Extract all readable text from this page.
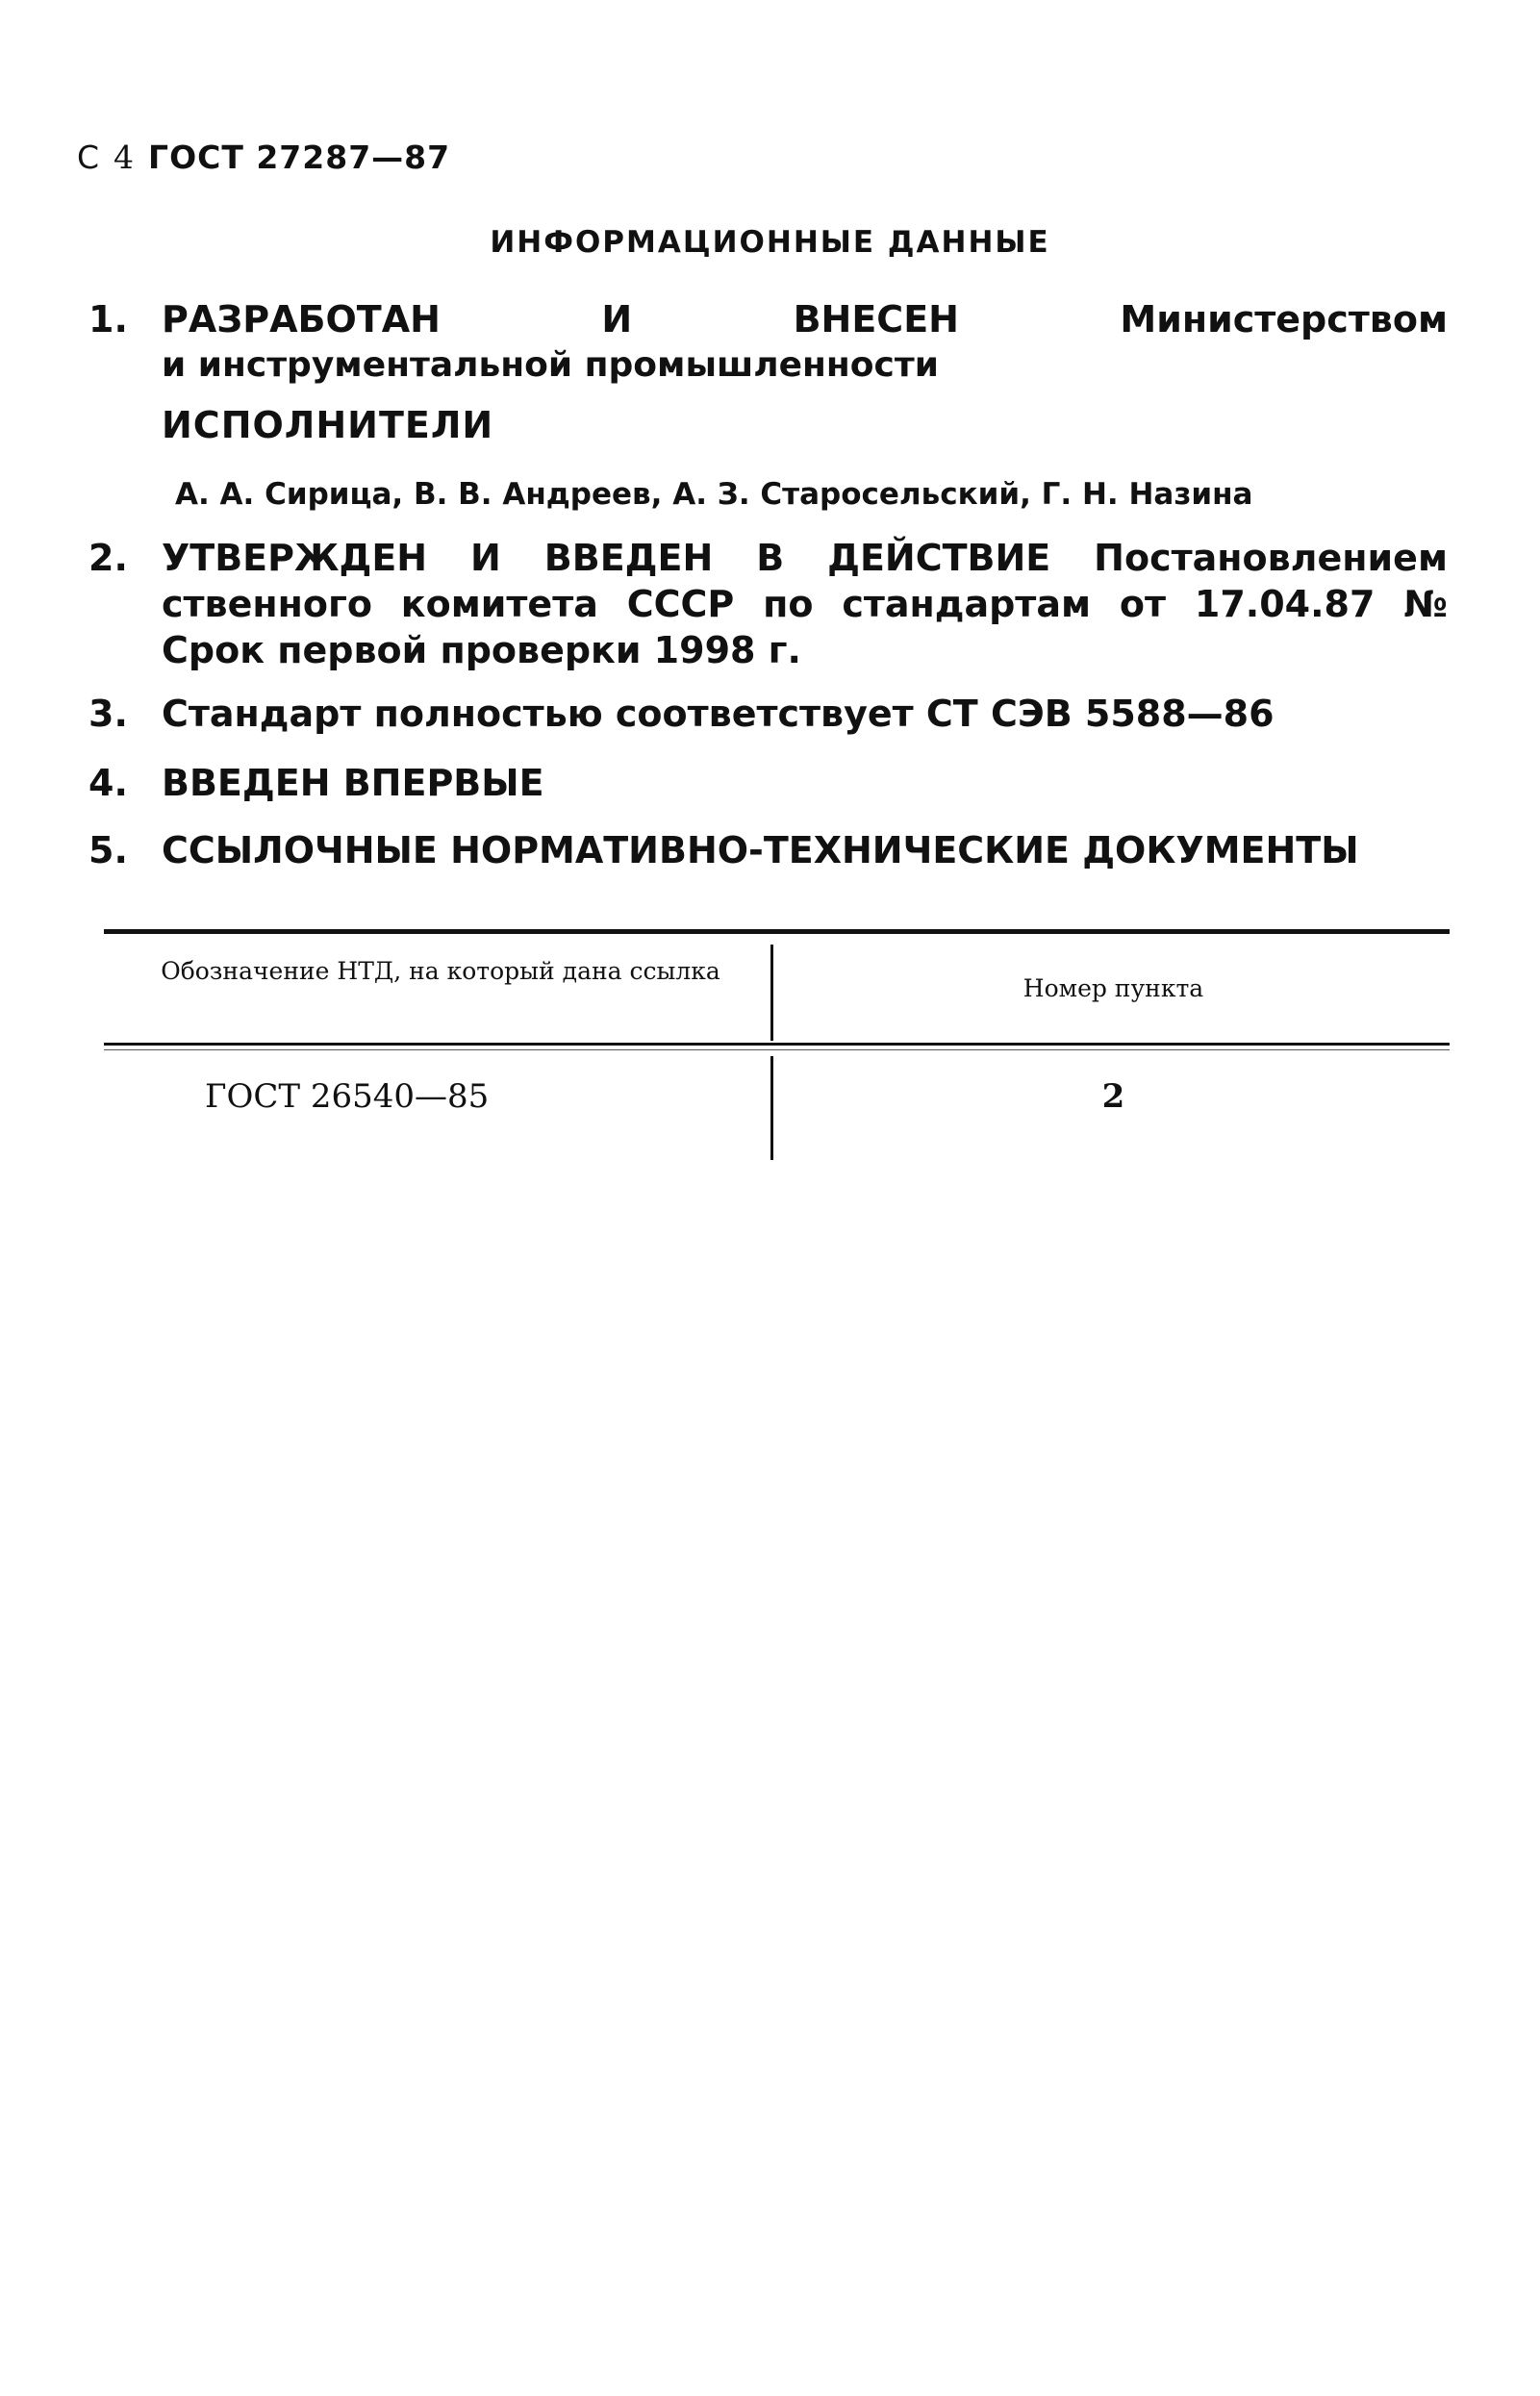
С 4 ГОСТ 27287—87
ИНФОРМАЦИОННЫЕ ДАННЫЕ
1. РАЗРАБОТАН И ВНЕСЕН Министерством
и инструментальной промышленности
ИСПОЛНИТЕЛИ
А. А. Сирица, В. В. Андреев, А. З. Старосельский, Г. Н. Назина
2. УТВЕРЖДЕН И ВВЕДЕН В ДЕЙСТВИЕ Постановлением
ственного комитета СССР по стандартам от 17.04.87 №
Срок первой проверки 1998 г.
3. Стандарт полностью соответствует СТ СЭВ 5588—86
4. ВВЕДЕН ВПЕРВЫЕ
5. ССЫЛОЧНЫЕ НОРМАТИВНО-ТЕХНИЧЕСКИЕ ДОКУМЕНТЫ
Обозначение НТД, на который дана ссылка
Номер пункта
ГОСТ 26540—85	2
